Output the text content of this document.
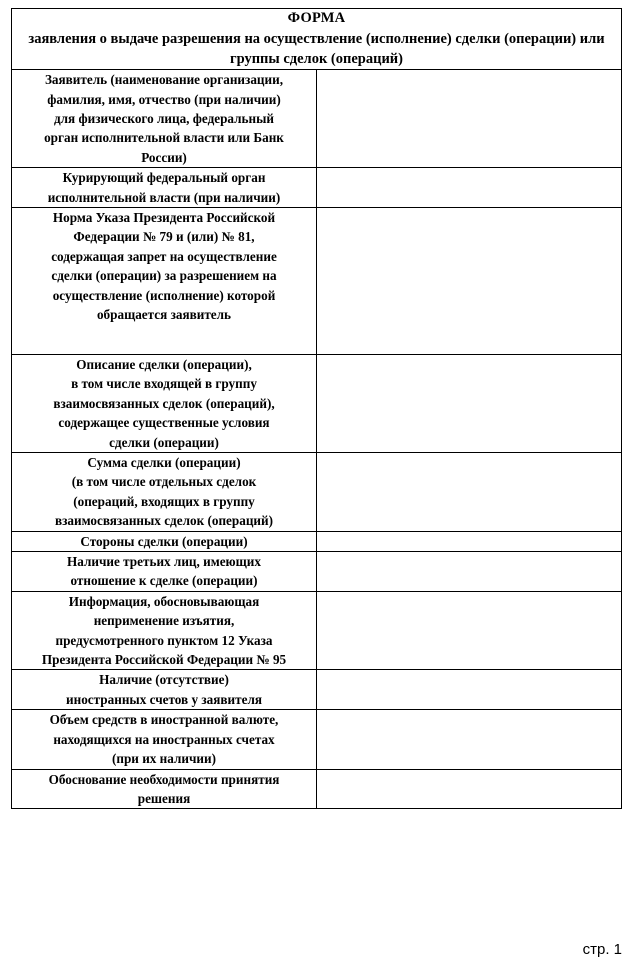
ФОРМА
заявления о выдаче разрешения на осуществление (исполнение) сделки (операции) или группы сделок (операций)	

Заявитель (наименование организации,
фамилия, имя, отчество (при наличии)
для физического лица, федеральный
орган исполнительной власти или Банк
России)	

Курирующий федеральный орган
исполнительной власти (при наличии)	

Норма Указа Президента Российской
Федерации № 79 и (или) № 81,
содержащая запрет на осуществление
сделки (операции) за разрешением на
осуществление (исполнение) которой
обращается заявитель

Описание сделки (операции),
в том числе входящей в группу
взаимосвязанных сделок (операций),
содержащее существенные условия
сделки (операции)	

Сумма сделки (операции)
(в том числе отдельных сделок
(операций, входящих в группу
взаимосвязанных сделок (операций)	

Стороны сделки (операции)	

Наличие третьих лиц, имеющих
отношение к сделке (операции)	

Информация, обосновывающая
неприменение изъятия,
предусмотренного пунктом 12 Указа
Президента Российской Федерации № 95	

Наличие (отсутствие)
иностранных счетов у заявителя	

Объем средств в иностранной валюте,
находящихся на иностранных счетах
(при их наличии)	

Обоснование необходимости принятия
решения	

стр. 1
